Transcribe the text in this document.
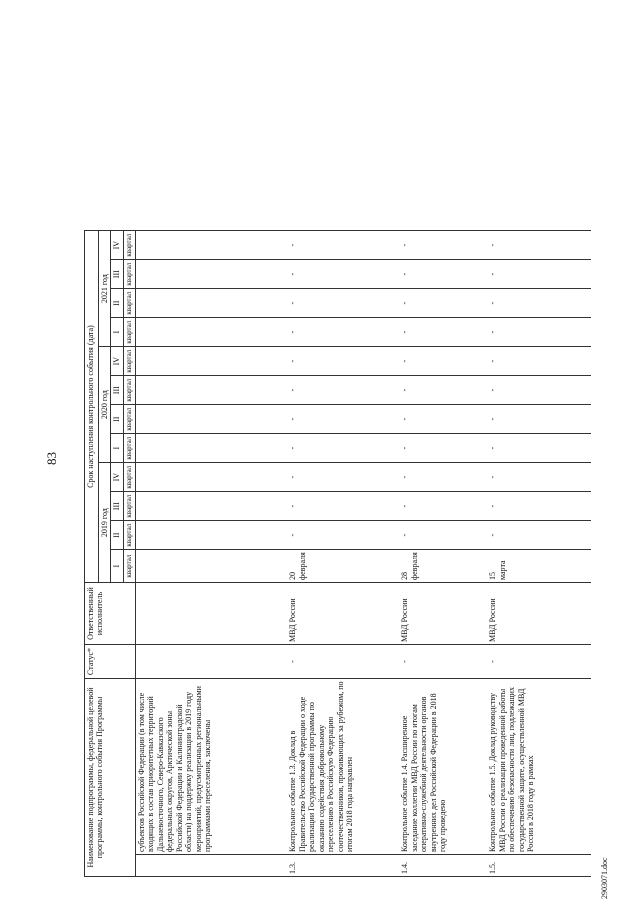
83
Наименование подпрограммы, федеральной целевой программы, контрольного события Программы		Статус*	Ответственный исполнитель	Срок наступления контрольного события (дата)											
				2019 год				2020 год				2021 год			
				I	II	III	IV	I	II	III	IV	I	II	III	IV
				квартал	квартал	квартал	квартал	квартал	квартал	квартал	квартал	квартал	квартал	квартал	квартал
	субъектов Российской Федерации (в том числе входящих в состав приоритетных территорий Дальневосточного, Северо-Кавказского федеральных округов, Арктической зоны Российской Федерации и Калининградской области) на поддержку реализации в 2019 году мероприятий, предусмотренных региональными программами переселения, заключены														
1.3.	Контрольное событие 1.3. Доклад в Правительство Российской Федерации о ходе реализации Государственной программы по оказанию содействия добровольному переселению в Российскую Федерацию соотечественников, проживающих за рубежом, по итогам 2018 года направлен	-	МВД России	20 февраля	-	-	-	-	-	-	-	-	-	-	-
1.4.	Контрольное событие 1.4. Расширенное заседание коллегии МВД России по итогам оперативно-служебной деятельности органов внутренних дел Российской Федерации в 2018 году проведено	-	МВД России	28 февраля	-	-	-	-	-	-	-	-	-	-	-
1.5.	Контрольное событие 1.5. Доклад руководству МВД России о реализации проведенной работы по обеспечению безопасности лиц, подлежащих государственной защите, осуществленной МВД России в 2018 году в рамках	-	МВД России	15 марта	-	-	-	-	-	-	-	-	-	-	-
2903071.doc
